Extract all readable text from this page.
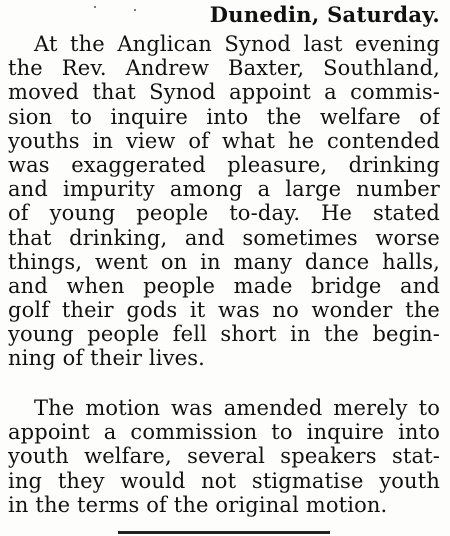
Dunedin, Saturday.
At the Anglican Synod last evening
the Rev. Andrew Baxter, Southland,
moved that Synod appoint a commis-
sion to inquire into the welfare of
youths in view of what he contended
was exaggerated pleasure, drinking
and impurity among a large number
of young people to-day. He stated
that drinking, and sometimes worse
things, went on in many dance halls,
and when people made bridge and
golf their gods it was no wonder the
young people fell short in the begin-
ning of their lives.
The motion was amended merely to
appoint a commission to inquire into
youth welfare, several speakers stat-
ing they would not stigmatise youth
in the terms of the original motion.
